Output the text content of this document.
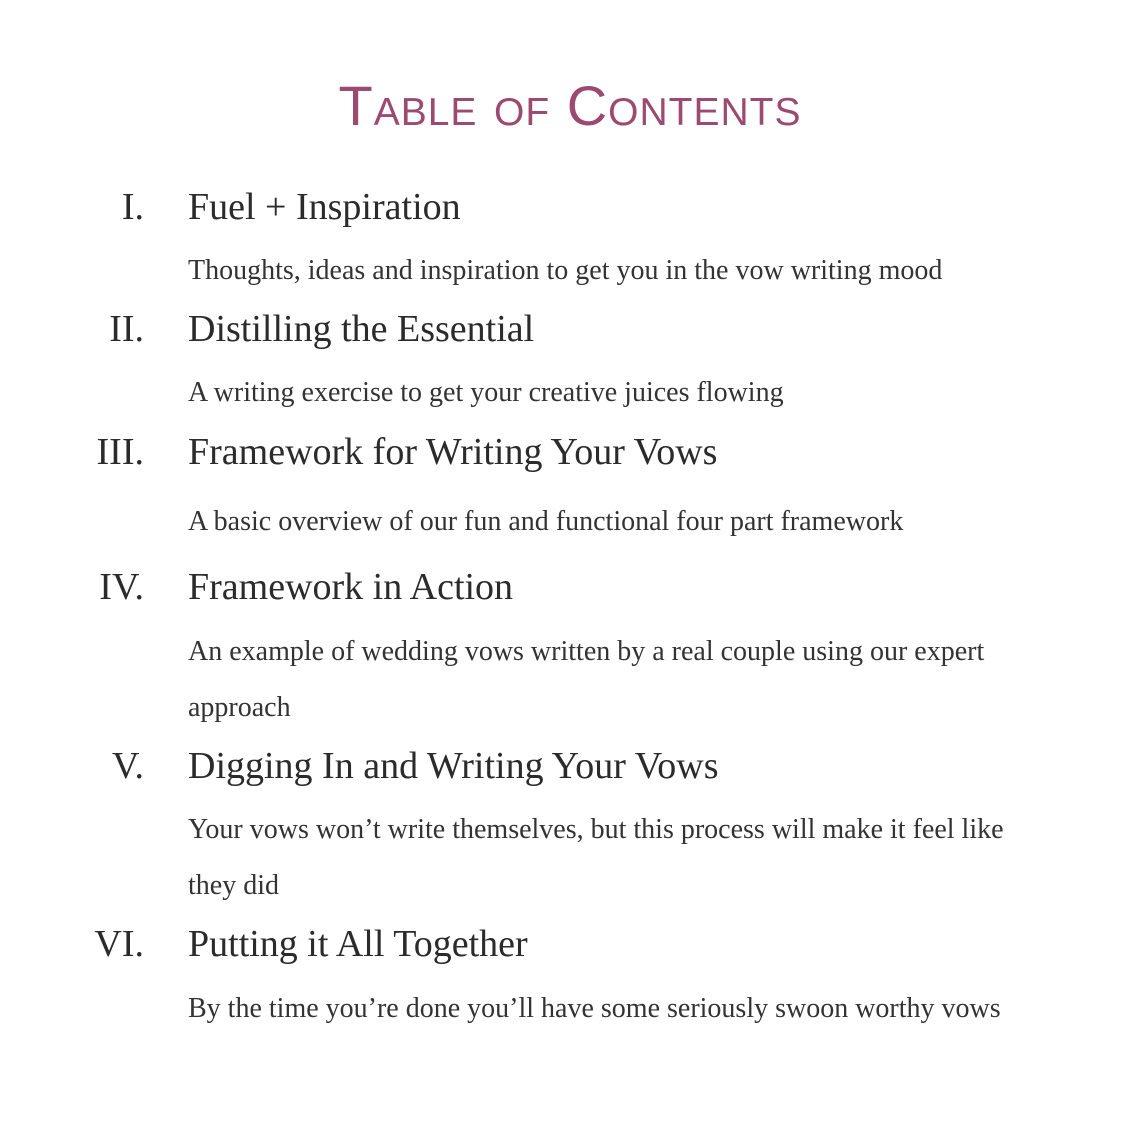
Table of Contents
I. Fuel + Inspiration
Thoughts, ideas and inspiration to get you in the vow writing mood
II. Distilling the Essential
A writing exercise to get your creative juices flowing
III. Framework for Writing Your Vows
A basic overview of our fun and functional four part framework
IV. Framework in Action
An example of wedding vows written by a real couple using our expert approach
V. Digging In and Writing Your Vows
Your vows won’t write themselves, but this process will make it feel like they did
VI. Putting it All Together
By the time you’re done you’ll have some seriously swoon worthy vows
